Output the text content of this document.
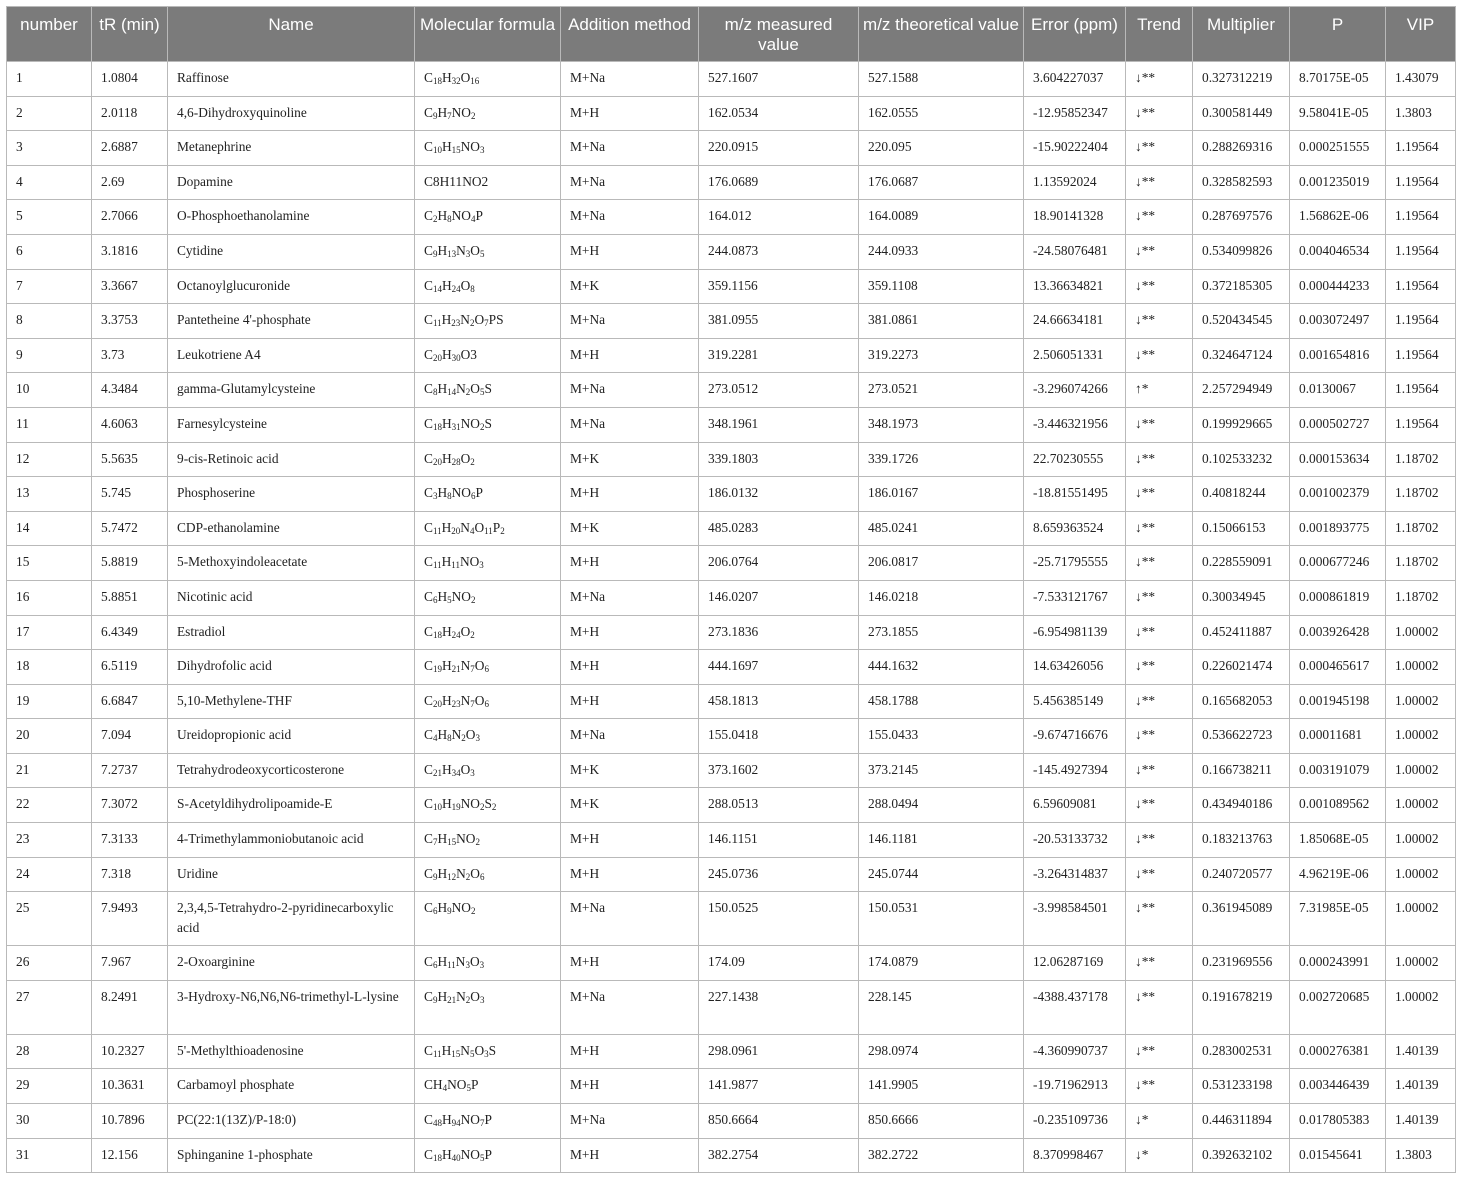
number	tR (min)	Name	Molecular formula	Addition method	m/z measured value	m/z theoretical value	Error (ppm)	Trend	Multiplier	P	VIP
1	1.0804	Raffinose	$C_{18}H_{32}O_{16}$	M+Na	527.1607	527.1588	3.604227037	↓**	0.327312219	8.70175E-05	1.43079
2	2.0118	4,6-Dihydroxyquinoline	$C_9H_7NO_2$	M+H	162.0534	162.0555	-12.95852347	↓**	0.300581449	9.58041E-05	1.3803
3	2.6887	Metanephrine	$C_{10}H_{15}NO_3$	M+Na	220.0915	220.095	-15.90222404	↓**	0.288269316	0.000251555	1.19564
4	2.69	Dopamine	C8H11NO2	M+Na	176.0689	176.0687	1.13592024	↓**	0.328582593	0.001235019	1.19564
5	2.7066	O-Phosphoethanolamine	$C_2H_8NO_4P$	M+Na	164.012	164.0089	18.90141328	↓**	0.287697576	1.56862E-06	1.19564
6	3.1816	Cytidine	$C_9H_{13}N_3O_5$	M+H	244.0873	244.0933	-24.58076481	↓**	0.534099826	0.004046534	1.19564
7	3.3667	Octanoylglucuronide	$C_{14}H_{24}O_8$	M+K	359.1156	359.1108	13.36634821	↓**	0.372185305	0.000444233	1.19564
8	3.3753	Pantetheine 4'-phosphate	$C_{11}H_{23}N_2O_7PS$	M+Na	381.0955	381.0861	24.66634181	↓**	0.520434545	0.003072497	1.19564
9	3.73	Leukotriene A4	$C_{20}H_{30}O3$	M+H	319.2281	319.2273	2.506051331	↓**	0.324647124	0.001654816	1.19564
10	4.3484	gamma-Glutamylcysteine	$C_8H_{14}N_2O_5S$	M+Na	273.0512	273.0521	-3.296074266	↑*	2.257294949	0.0130067	1.19564
11	4.6063	Farnesylcysteine	$C_{18}H_{31}NO_2S$	M+Na	348.1961	348.1973	-3.446321956	↓**	0.199929665	0.000502727	1.19564
12	5.5635	9-cis-Retinoic acid	$C_{20}H_{28}O_2$	M+K	339.1803	339.1726	22.70230555	↓**	0.102533232	0.000153634	1.18702
13	5.745	Phosphoserine	$C_3H_8NO_6P$	M+H	186.0132	186.0167	-18.81551495	↓**	0.40818244	0.001002379	1.18702
14	5.7472	CDP-ethanolamine	$C_{11}H_{20}N_4O_{11}P_2$	M+K	485.0283	485.0241	8.659363524	↓**	0.15066153	0.001893775	1.18702
15	5.8819	5-Methoxyindoleacetate	$C_{11}H_{11}NO_3$	M+H	206.0764	206.0817	-25.71795555	↓**	0.228559091	0.000677246	1.18702
16	5.8851	Nicotinic acid	$C_6H_5NO_2$	M+Na	146.0207	146.0218	-7.533121767	↓**	0.30034945	0.000861819	1.18702
17	6.4349	Estradiol	$C_{18}H_{24}O_2$	M+H	273.1836	273.1855	-6.954981139	↓**	0.452411887	0.003926428	1.00002
18	6.5119	Dihydrofolic acid	$C_{19}H_{21}N_7O_6$	M+H	444.1697	444.1632	14.63426056	↓**	0.226021474	0.000465617	1.00002
19	6.6847	5,10-Methylene-THF	$C_{20}H_{23}N_7O_6$	M+H	458.1813	458.1788	5.456385149	↓**	0.165682053	0.001945198	1.00002
20	7.094	Ureidopropionic acid	$C_4H_8N_2O_3$	M+Na	155.0418	155.0433	-9.674716676	↓**	0.536622723	0.00011681	1.00002
21	7.2737	Tetrahydrodeoxycorticosterone	$C_{21}H_{34}O_3$	M+K	373.1602	373.2145	-145.4927394	↓**	0.166738211	0.003191079	1.00002
22	7.3072	S-Acetyldihydrolipoamide-E	$C_{10}H_{19}NO_2S_2$	M+K	288.0513	288.0494	6.59609081	↓**	0.434940186	0.001089562	1.00002
23	7.3133	4-Trimethylammoniobutanoic acid	$C_7H_{15}NO_2$	M+H	146.1151	146.1181	-20.53133732	↓**	0.183213763	1.85068E-05	1.00002
24	7.318	Uridine	$C_9H_{12}N_2O_6$	M+H	245.0736	245.0744	-3.264314837	↓**	0.240720577	4.96219E-06	1.00002
25	7.9493	2,3,4,5-Tetrahydro-2-pyridinecarboxylic acid	$C_6H_9NO_2$	M+Na	150.0525	150.0531	-3.998584501	↓**	0.361945089	7.31985E-05	1.00002
26	7.967	2-Oxoarginine	$C_6H_{11}N_3O_3$	M+H	174.09	174.0879	12.06287169	↓**	0.231969556	0.000243991	1.00002
27	8.2491	3-Hydroxy-N6,N6,N6-trimethyl-L-lysine	$C_9H_{21}N_2O_3$	M+Na	227.1438	228.145	-4388.437178	↓**	0.191678219	0.002720685	1.00002
28	10.2327	5'-Methylthioadenosine	$C_{11}H_{15}N_5O_3S$	M+H	298.0961	298.0974	-4.360990737	↓**	0.283002531	0.000276381	1.40139
29	10.3631	Carbamoyl phosphate	$CH_4NO_5P$	M+H	141.9877	141.9905	-19.71962913	↓**	0.531233198	0.003446439	1.40139
30	10.7896	PC(22:1(13Z)/P-18:0)	$C_{48}H_{94}NO_7P$	M+Na	850.6664	850.6666	-0.235109736	↓*	0.446311894	0.017805383	1.40139
31	12.156	Sphinganine 1-phosphate	$C_{18}H_{40}NO_5P$	M+H	382.2754	382.2722	8.370998467	↓*	0.392632102	0.01545641	1.3803
